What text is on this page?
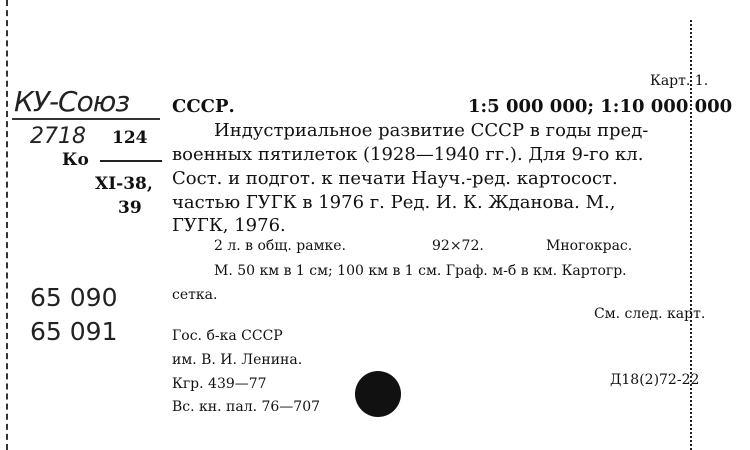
Карт. 1.
КУ-Союз
2718
65 090
65 091
124
Ко
XI-38,
39
СССР.	1:5 000 000; 1:10 000 000
Индустриальное развитие СССР в годы пред-
военных пятилеток (1928—1940 гг.). Для 9-го кл.
Сост. и подгот. к печати Науч.-ред. картосост.
частью ГУГК в 1976 г. Ред. И. К. Жданова. М.,
ГУГК, 1976.
2 л. в общ. рамке.	92×72.	Многокрас.
М. 50 км в 1 см; 100 км в 1 см. Граф. м-б в км. Картогр.
сетка.
См. след. карт.
Гос. б-ка СССР
им. В. И. Ленина.
Кгр. 439—77
Вс. кн. пал. 76—707
Д18(2)72-22
